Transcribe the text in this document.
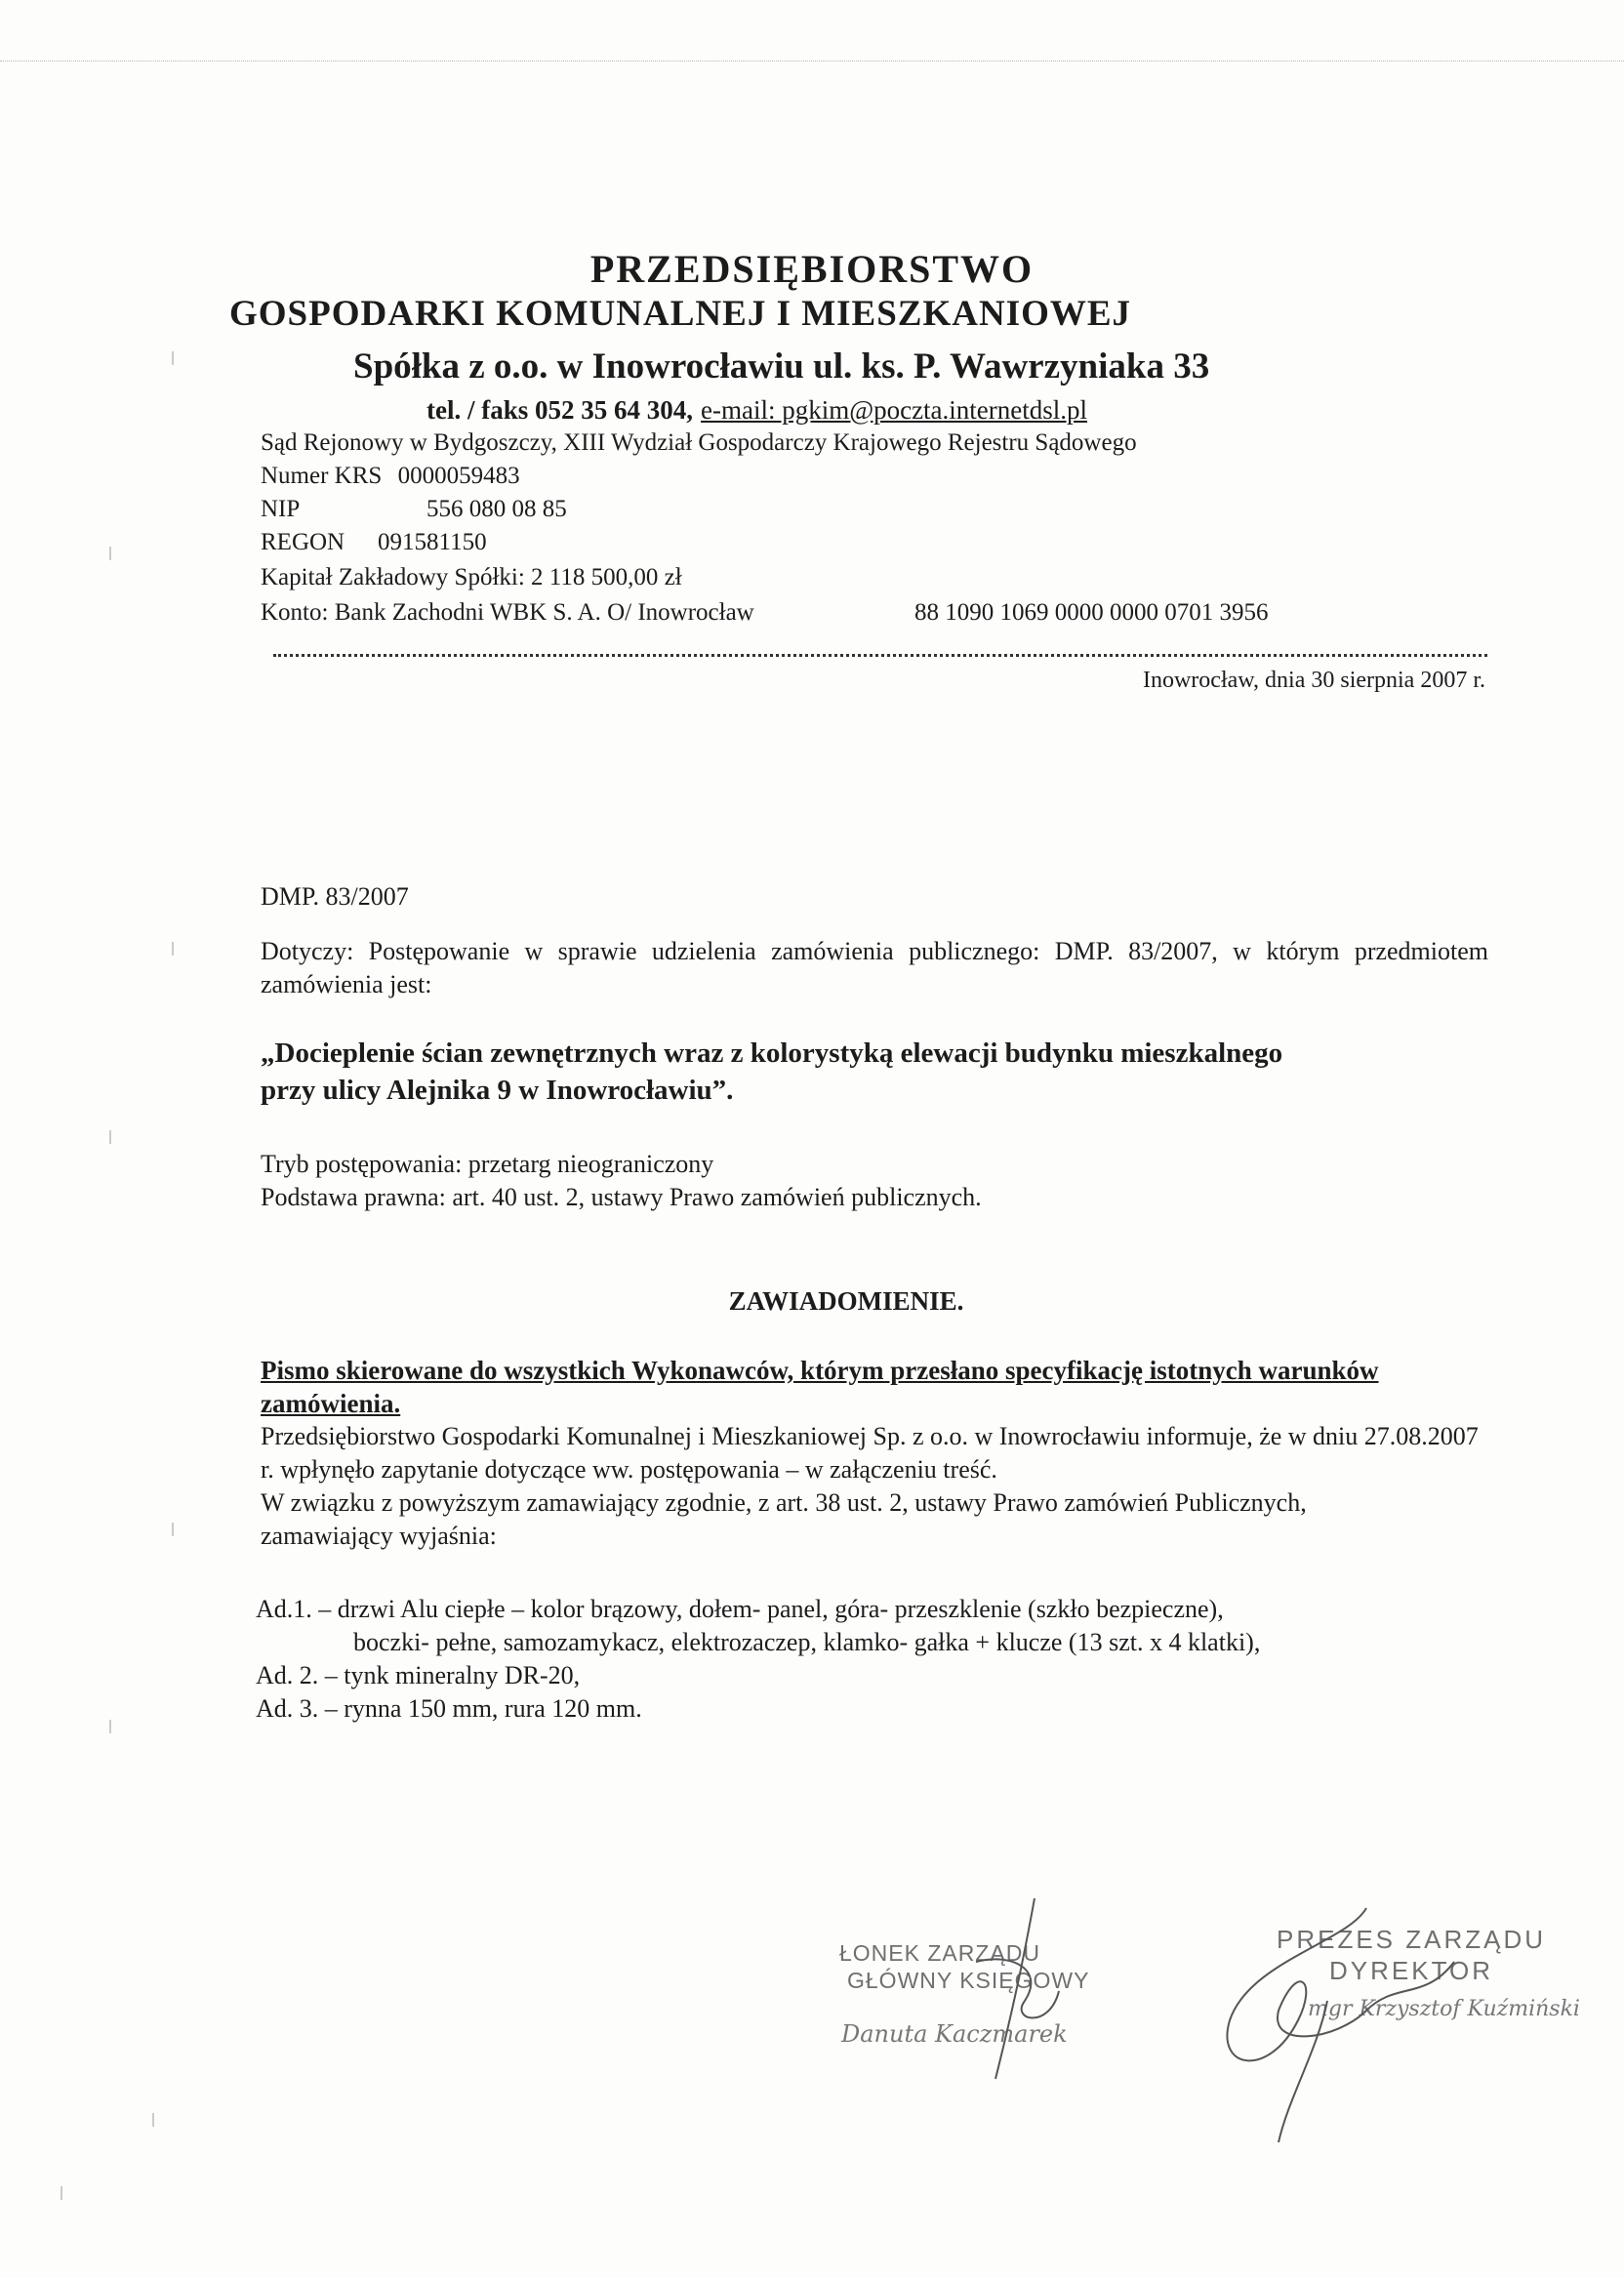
PRZEDSIĘBIORSTWO
GOSPODARKI KOMUNALNEJ I MIESZKANIOWEJ
Spółka z o.o. w Inowrocławiu ul. ks. P. Wawrzyniaka 33
tel. / faks 052 35 64 304, e-mail: pgkim@poczta.internetdsl.pl
Sąd Rejonowy w Bydgoszczy, XIII Wydział Gospodarczy Krajowego Rejestru Sądowego
Numer KRS 0000059483
NIP	556 080 08 85
REGON 091581150
Kapitał Zakładowy Spółki: 2 118 500,00 zł
Konto: Bank Zachodni WBK S. A. O/ Inowrocław	88 1090 1069 0000 0000 0701 3956
Inowrocław, dnia 30 sierpnia 2007 r.
DMP. 83/2007
Dotyczy: Postępowanie w sprawie udzielenia zamówienia publicznego: DMP. 83/2007, w którym przedmiotem zamówienia jest:
„Docieplenie ścian zewnętrznych wraz z kolorystyką elewacji budynku mieszkalnego
przy ulicy Alejnika 9 w Inowrocławiu”.
Tryb postępowania: przetarg nieograniczony
Podstawa prawna: art. 40 ust. 2, ustawy Prawo zamówień publicznych.
ZAWIADOMIENIE.
Pismo skierowane do wszystkich Wykonawców, którym przesłano specyfikację istotnych warunków zamówienia.
Przedsiębiorstwo Gospodarki Komunalnej i Mieszkaniowej Sp. z o.o. w Inowrocławiu informuje, że w dniu 27.08.2007 r. wpłynęło zapytanie dotyczące ww. postępowania – w załączeniu treść.
W związku z powyższym zamawiający zgodnie, z art. 38 ust. 2, ustawy Prawo zamówień Publicznych, zamawiający wyjaśnia:
Ad.1. – drzwi Alu ciepłe – kolor brązowy, dołem- panel, góra- przeszklenie (szkło bezpieczne),
boczki- pełne, samozamykacz, elektrozaczep, klamko- gałka + klucze (13 szt. x 4 klatki),
Ad. 2. – tynk mineralny DR-20,
Ad. 3. – rynna 150 mm, rura 120 mm.
ŁONEK ZARZĄDU
GŁÓWNY KSIĘGOWY
Danuta Kaczmarek
PREZES ZARZĄDU
DYREKTOR
mgr Krzysztof Kuźmiński
